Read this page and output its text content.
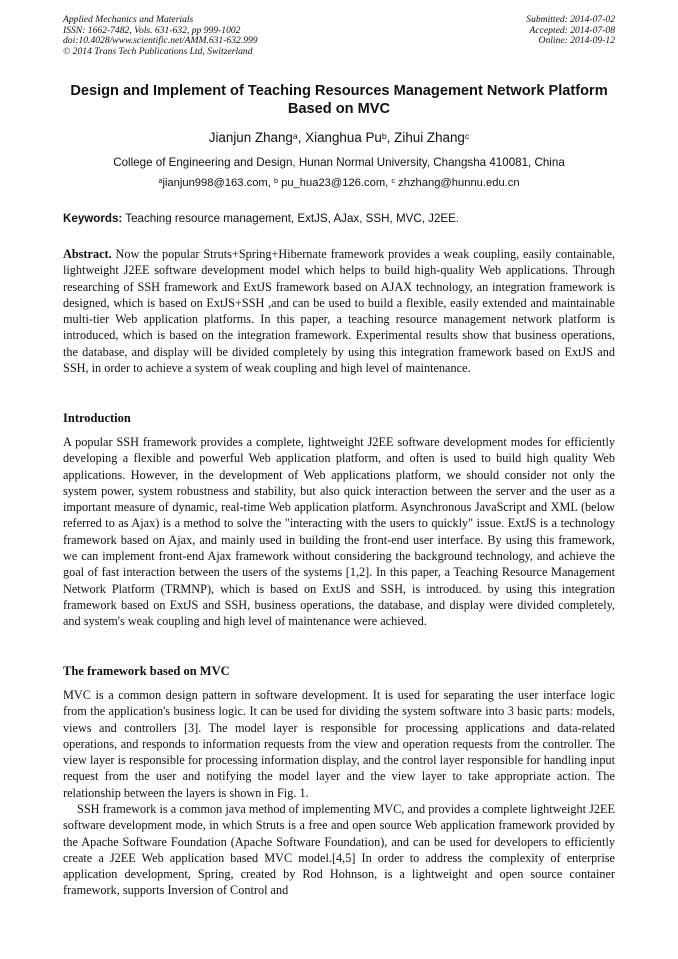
Applied Mechanics and Materials
ISSN: 1662-7482, Vols. 631-632, pp 999-1002
doi:10.4028/www.scientific.net/AMM.631-632.999
© 2014 Trans Tech Publications Ltd, Switzerland
Submitted: 2014-07-02
Accepted: 2014-07-08
Online: 2014-09-12
Design and Implement of Teaching Resources Management Network Platform Based on MVC
Jianjun Zhang$^a$, Xianghua Pu$^b$, Zihui Zhang$^c$
College of Engineering and Design, Hunan Normal University, Changsha 410081, China
$^a$jianjun998@163.com, $^b$ pu_hua23@126.com, $^c$ zhzhang@hunnu.edu.cn
Keywords: Teaching resource management, ExtJS, AJax, SSH, MVC, J2EE.
Abstract. Now the popular Struts+Spring+Hibernate framework provides a weak coupling, easily containable, lightweight J2EE software development model which helps to build high-quality Web applications. Through researching of SSH framework and ExtJS framework based on AJAX technology, an integration framework is designed, which is based on ExtJS+SSH ,and can be used to build a flexible, easily extended and maintainable multi-tier Web application platforms. In this paper, a teaching resource management network platform is introduced, which is based on the integration framework. Experimental results show that business operations, the database, and display will be divided completely by using this integration framework based on ExtJS and SSH, in order to achieve a system of weak coupling and high level of maintenance.
Introduction
A popular SSH framework provides a complete, lightweight J2EE software development modes for efficiently developing a flexible and powerful Web application platform, and often is used to build high quality Web applications. However, in the development of Web applications platform, we should consider not only the system power, system robustness and stability, but also quick interaction between the server and the user as a important measure of dynamic, real-time Web application platform. Asynchronous JavaScript and XML (below referred to as Ajax) is a method to solve the "interacting with the users to quickly" issue. ExtJS is a technology framework based on Ajax, and mainly used in building the front-end user interface. By using this framework, we can implement front-end Ajax framework without considering the background technology, and achieve the goal of fast interaction between the users of the systems [1,2]. In this paper, a Teaching Resource Management Network Platform (TRMNP), which is based on ExtJS and SSH, is introduced. by using this integration framework based on ExtJS and SSH, business operations, the database, and display were divided completely, and system's weak coupling and high level of maintenance were achieved.
The framework based on MVC
MVC is a common design pattern in software development. It is used for separating the user interface logic from the application's business logic. It can be used for dividing the system software into 3 basic parts: models, views and controllers [3]. The model layer is responsible for processing applications and data-related operations, and responds to information requests from the view and operation requests from the controller. The view layer is responsible for processing information display, and the control layer responsible for handling input request from the user and notifying the model layer and the view layer to take appropriate action. The relationship between the layers is shown in Fig. 1.
SSH framework is a common java method of implementing MVC, and provides a complete lightweight J2EE software development mode, in which Struts is a free and open source Web application framework provided by the Apache Software Foundation (Apache Software Foundation), and can be used for developers to efficiently create a J2EE Web application based MVC model.[4,5] In order to address the complexity of enterprise application development, Spring, created by Rod Hohnson, is a lightweight and open source container framework, supports Inversion of Control and
